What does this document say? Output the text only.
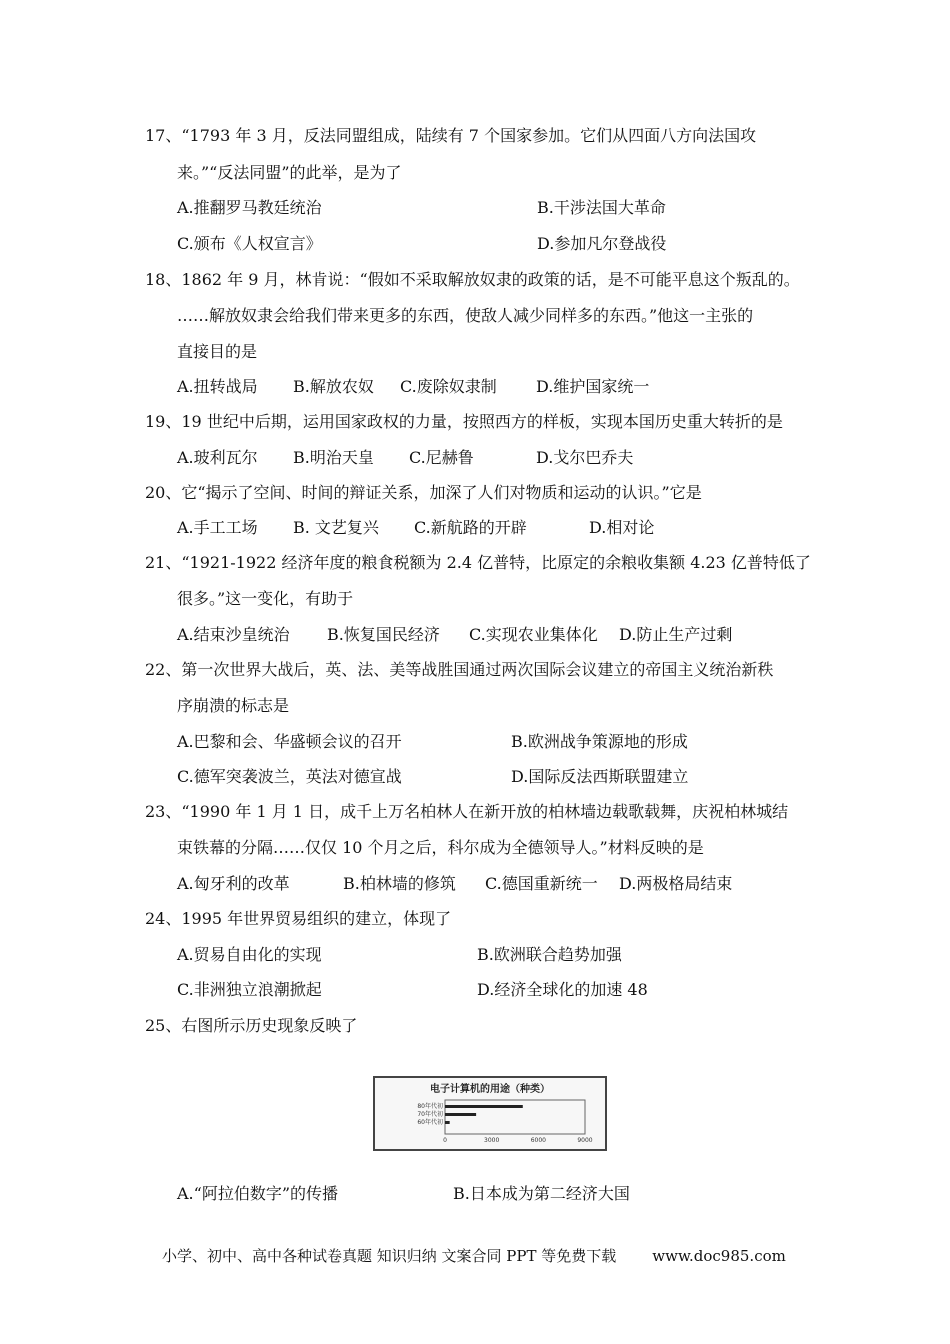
17、“1793 年 3 月，反法同盟组成，陆续有 7 个国家参加。它们从四面八方向法国攻
来。”“反法同盟”的此举，是为了
A.推翻罗马教廷统治	B.干涉法国大革命
C.颁布《人权宣言》	D.参加凡尔登战役
18、1862 年 9 月，林肯说：“假如不采取解放奴隶的政策的话，是不可能平息这个叛乱的。
……解放奴隶会给我们带来更多的东西，使敌人减少同样多的东西。”他这一主张的
直接目的是
A.扭转战局 B.解放农奴 C.废除奴隶制 D.维护国家统一
19、19 世纪中后期，运用国家政权的力量，按照西方的样板，实现本国历史重大转折的是
A.玻利瓦尔 B.明治天皇 C.尼赫鲁	D.戈尔巴乔夫
20、它“揭示了空间、时间的辩证关系，加深了人们对物质和运动的认识。”它是
A.手工工场 B. 文艺复兴 C.新航路的开辟	D.相对论
21、“1921-1922 经济年度的粮食税额为 2.4 亿普特，比原定的余粮收集额 4.23 亿普特低了
很多。”这一变化，有助于
A.结束沙皇统治 B.恢复国民经济 C.实现农业集体化 D.防止生产过剩
22、第一次世界大战后，英、法、美等战胜国通过两次国际会议建立的帝国主义统治新秩
序崩溃的标志是
A.巴黎和会、华盛顿会议的召开	B.欧洲战争策源地的形成
C.德军突袭波兰，英法对德宣战	D.国际反法西斯联盟建立
23、“1990 年 1 月 1 日，成千上万名柏林人在新开放的柏林墙边载歌载舞，庆祝柏林城结
束铁幕的分隔……仅仅 10 个月之后，科尔成为全德领导人。”材料反映的是
A.匈牙利的改革	B.柏林墙的修筑 C.德国重新统一 D.两极格局结束
24、1995 年世界贸易组织的建立，体现了
A.贸易自由化的实现	B.欧洲联合趋势加强
C.非洲独立浪潮掀起	D.经济全球化的加速 48
25、右图所示历史现象反映了
电子计算机的用途（种类）
80年代初
70年代初
60年代初
0	3000	6000	9000
A.“阿拉伯数字”的传播	B.日本成为第二经济大国
小学、初中、高中各种试卷真题 知识归纳 文案合同 PPT 等免费下载 www.doc985.com
